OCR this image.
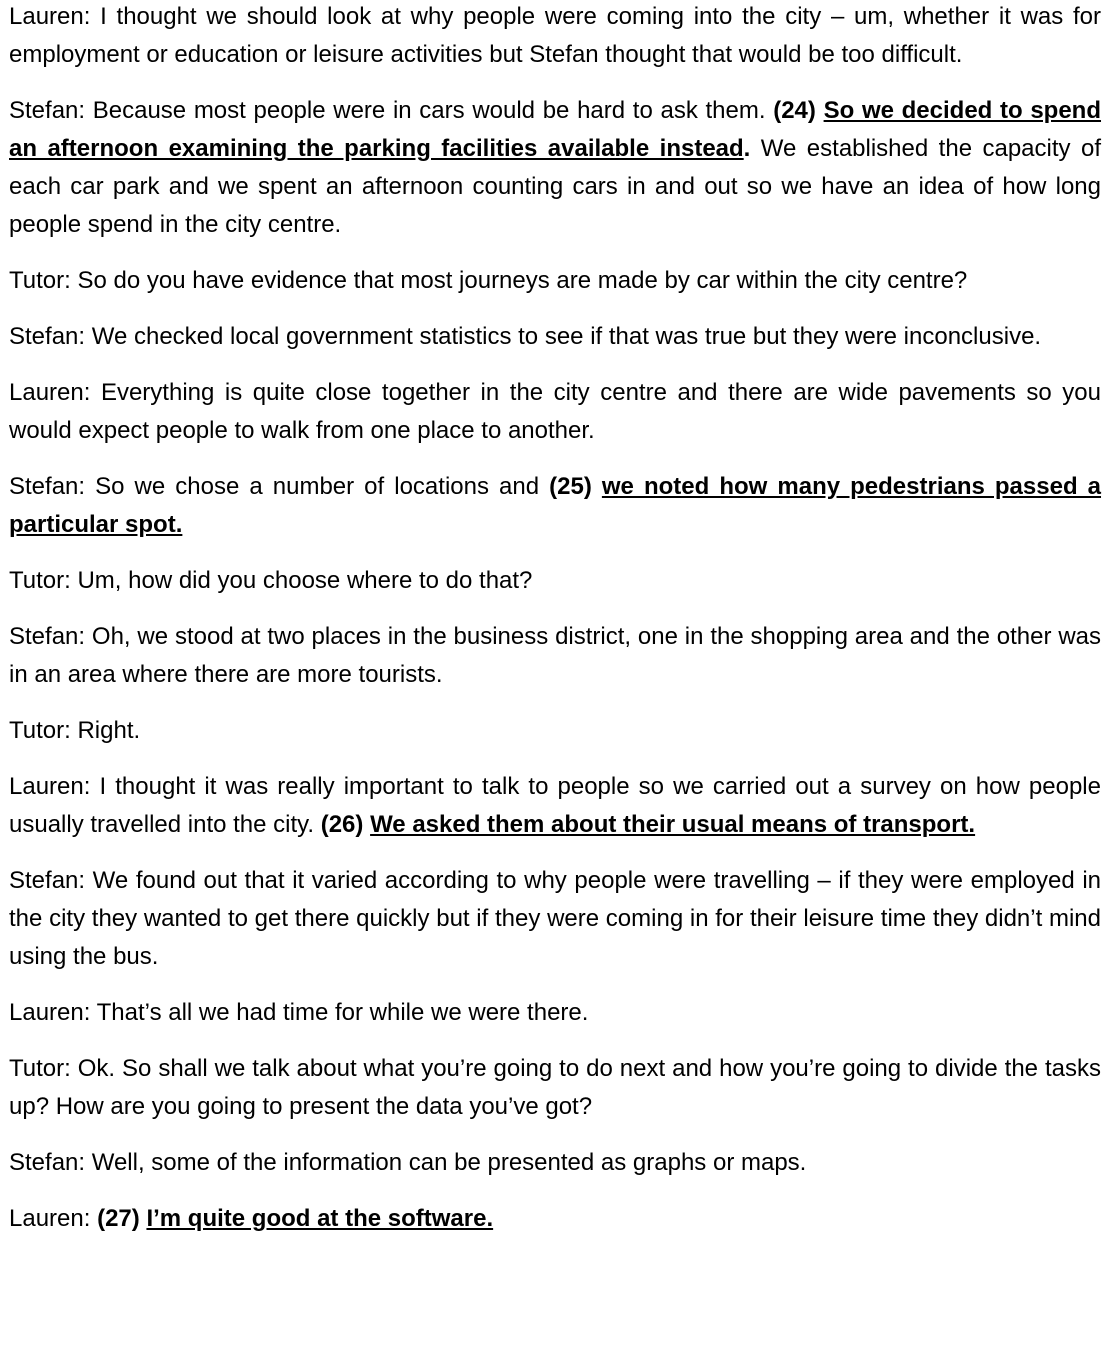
Lauren: I thought we should look at why people were coming into the city – um, whether it was for employment or education or leisure activities but Stefan thought that would be too difficult.

Stefan: Because most people were in cars would be hard to ask them. (24) So we decided to spend an afternoon examining the parking facilities available instead. We established the capacity of each car park and we spent an afternoon counting cars in and out so we have an idea of how long people spend in the city centre.

Tutor: So do you have evidence that most journeys are made by car within the city centre?

Stefan: We checked local government statistics to see if that was true but they were inconclusive.

Lauren: Everything is quite close together in the city centre and there are wide pavements so you would expect people to walk from one place to another.

Stefan: So we chose a number of locations and (25) we noted how many pedestrians passed a particular spot.

Tutor: Um, how did you choose where to do that?

Stefan: Oh, we stood at two places in the business district, one in the shopping area and the other was in an area where there are more tourists.

Tutor: Right.

Lauren: I thought it was really important to talk to people so we carried out a survey on how people usually travelled into the city. (26) We asked them about their usual means of transport.

Stefan: We found out that it varied according to why people were travelling – if they were employed in the city they wanted to get there quickly but if they were coming in for their leisure time they didn’t mind using the bus.

Lauren: That’s all we had time for while we were there.

Tutor: Ok. So shall we talk about what you’re going to do next and how you’re going to divide the tasks up? How are you going to present the data you’ve got?

Stefan: Well, some of the information can be presented as graphs or maps.

Lauren: (27) I’m quite good at the software.
